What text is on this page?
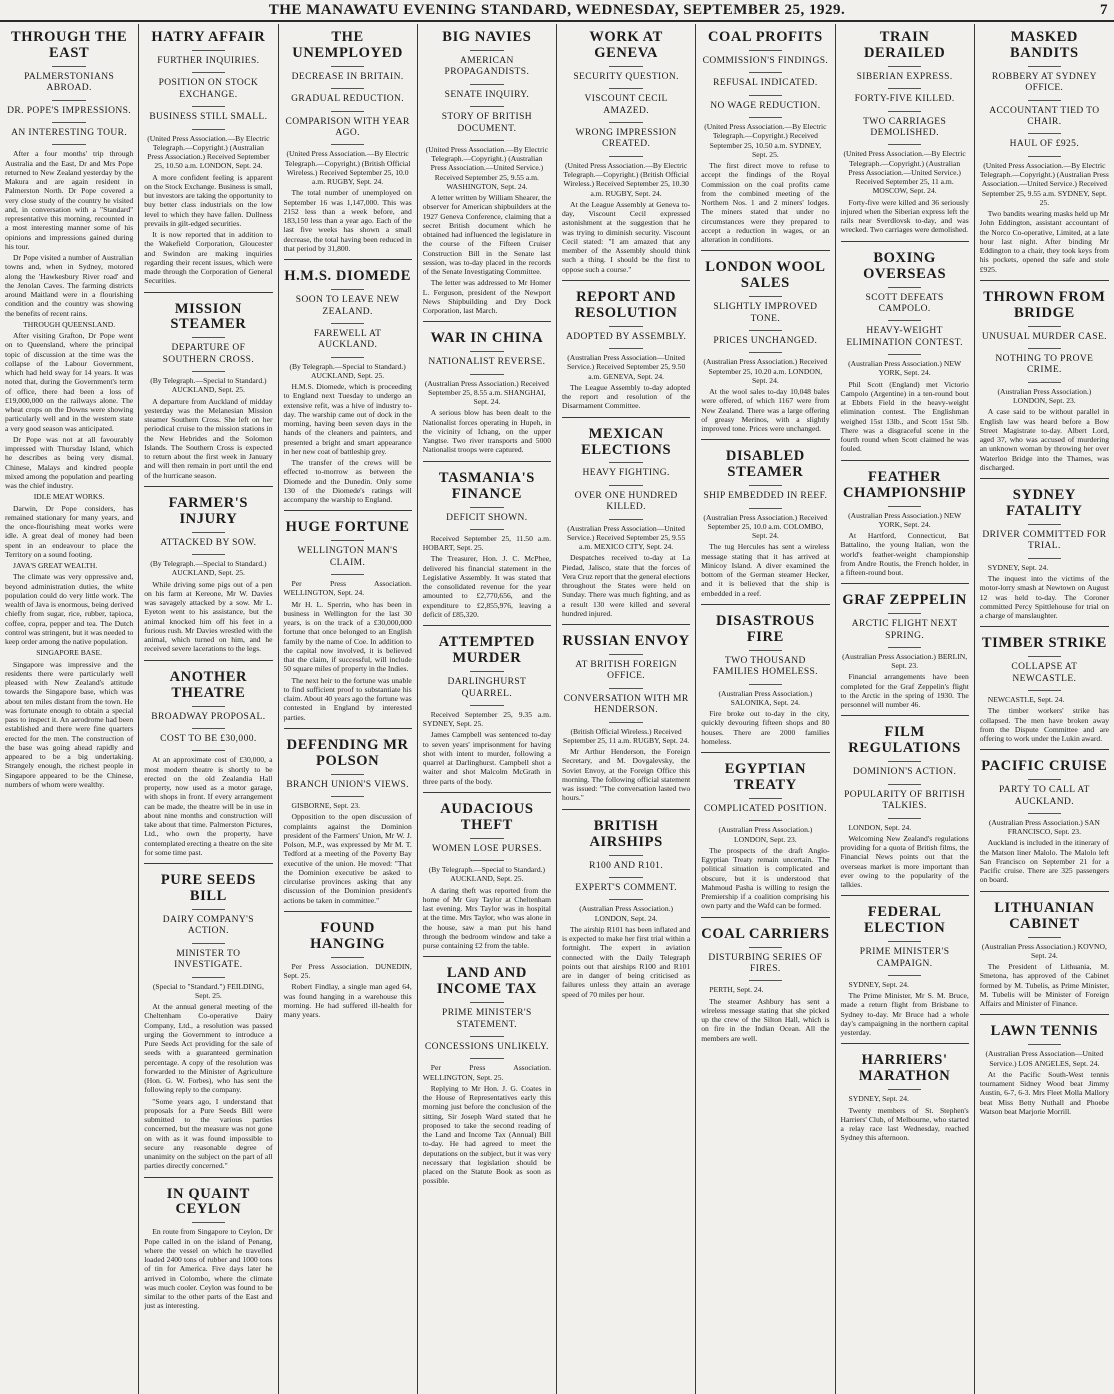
THE MANAWATU EVENING STANDARD, WEDNESDAY, SEPTEMBER 25, 1929.	7
THROUGH THE EAST
PALMERSTONIANS ABROAD.
DR. POPE'S IMPRESSIONS.
AN INTERESTING TOUR.

After a four months' trip through Australia and the East, Dr and Mrs Pope returned to New Zealand yesterday by the Makura and are again resident in Palmerston North. Dr Pope covered a very close study of the country he visited and, in conversation with a "Standard" representative this morning, recounted in a most interesting manner some of his opinions and impressions gained during his tour.

Dr Pope visited a number of Australian towns and, when in Sydney, motored along the 'Hawkesbury River road' and the Jenolan Caves. The farming districts around Maitland were in a flourishing condition and the country was showing the benefits of recent rains.

THROUGH QUEENSLAND.

After visiting Grafton, Dr Pope went on to Queensland, where the principal topic of discussion at the time was the collapse of the Labour Government, which had held sway for 14 years. It was noted that, during the Government's term of office, there had been a loss of £19,000,000 on the railways alone. The wheat crops on the Downs were showing particularly well and in the western state a very good season was anticipated.

Dr Pope was not at all favourably impressed with Thursday Island, which he describes as being very dismal. Chinese, Malays and kindred people mixed among the population and pearling was the chief industry.

IDLE MEAT WORKS.

Darwin, Dr Pope considers, has remained stationary for many years, and the once-flourishing meat works were idle. A great deal of money had been spent in an endeavour to place the Territory on a sound footing.

JAVA'S GREAT WEALTH.

The climate was very oppressive and, beyond administration duties, the white population could do very little work. The wealth of Java is enormous, being derived chiefly from sugar, rice, rubber, tapioca, coffee, copra, pepper and tea. The Dutch control was stringent, but it was needed to keep order among the native population.

SINGAPORE BASE.

Singapore was impressive and the residents there were particularly well pleased with New Zealand's attitude towards the Singapore base, which was about ten miles distant from the town. He was fortunate enough to obtain a special pass to inspect it. An aerodrome had been established and there were fine quarters erected for the men. The construction of the base was going ahead rapidly and appeared to be a big undertaking. Strangely enough, the richest people in Singapore appeared to be the Chinese, numbers of whom were wealthy.

HATRY AFFAIR
FURTHER INQUIRIES.
POSITION ON STOCK EXCHANGE.
BUSINESS STILL SMALL.

(United Press Association.—By Electric Telegraph.—Copyright.) (Australian Press Association.) Received September 25, 10.50 a.m. LONDON, Sept. 24.

A more confident feeling is apparent on the Stock Exchange. Business is small, but investors are taking the opportunity to buy better class industrials on the low level to which they have fallen. Dullness prevails in gilt-edged securities.

It is now reported that in addition to the Wakefield Corporation, Gloucester and Swindon are making inquiries regarding their recent issues, which were made through the Corporation of General Securities.

MISSION STEAMER
DEPARTURE OF SOUTHERN CROSS.

(By Telegraph.—Special to Standard.) AUCKLAND, Sept. 25.

A departure from Auckland of midday yesterday was the Melanesian Mission steamer Southern Cross. She left on her periodical cruise to the mission stations in the New Hebrides and the Solomon Islands. The Southern Cross is expected to return about the first week in January and will then remain in port until the end of the hurricane season.

FARMER'S INJURY
ATTACKED BY SOW.

(By Telegraph.—Special to Standard.) AUCKLAND, Sept. 25.

While driving some pigs out of a pen on his farm at Kereone, Mr W. Davies was savagely attacked by a sow. Mr L. Eyeton went to his assistance, but the animal knocked him off his feet in a furious rush. Mr Davies wrestled with the animal, which turned on him, and he received severe lacerations to the legs.

ANOTHER THEATRE
BROADWAY PROPOSAL.
COST TO BE £30,000.

At an approximate cost of £30,000, a most modern theatre is shortly to be erected on the old Zealandia Hall property, now used as a motor garage, with shops in front. If every arrangement can be made, the theatre will be in use in about nine months and construction will take about that time. Palmerston Pictures, Ltd., who own the property, have contemplated erecting a theatre on the site for some time past.

PURE SEEDS BILL
DAIRY COMPANY'S ACTION.
MINISTER TO INVESTIGATE.

(Special to "Standard.") FEILDING, Sept. 25.

At the annual general meeting of the Cheltenham Co-operative Dairy Company, Ltd., a resolution was passed urging the Government to introduce a Pure Seeds Act providing for the sale of seeds with a guaranteed germination percentage. A copy of the resolution was forwarded to the Minister of Agriculture (Hon. G. W. Forbes), who has sent the following reply to the company.

"Some years ago, I understand that proposals for a Pure Seeds Bill were submitted to the various parties concerned, but the measure was not gone on with as it was found impossible to secure any reasonable degree of unanimity on the subject on the part of all parties directly concerned."

IN QUAINT CEYLON

En route from Singapore to Ceylon, Dr Pope called in on the island of Penang, where the vessel on which he travelled loaded 2400 tons of rubber and 1000 tons of tin for America. Five days later he arrived in Colombo, where the climate was much cooler. Ceylon was found to be similar to the other parts of the East and just as interesting.

THE UNEMPLOYED
DECREASE IN BRITAIN.
GRADUAL REDUCTION.
COMPARISON WITH YEAR AGO.

(United Press Association.—By Electric Telegraph.—Copyright.) (British Official Wireless.) Received September 25, 10.0 a.m. RUGBY, Sept. 24.

The total number of unemployed on September 16 was 1,147,000. This was 2152 less than a week before, and 183,150 less than a year ago. Each of the last five weeks has shown a small decrease, the total having been reduced in that period by 31,800.

H.M.S. DIOMEDE
SOON TO LEAVE NEW ZEALAND.
FAREWELL AT AUCKLAND.

(By Telegraph.—Special to Standard.) AUCKLAND, Sept. 25.

H.M.S. Diomede, which is proceeding to England next Tuesday to undergo an extensive refit, was a hive of industry to-day. The warship came out of dock in the morning, having been seven days in the hands of the cleaners and painters, and presented a bright and smart appearance in her new coat of battleship grey.

The transfer of the crews will be effected to-morrow as between the Diomede and the Dunedin. Only some 130 of the Diomede's ratings will accompany the warship to England.

HUGE FORTUNE
WELLINGTON MAN'S CLAIM.

Per Press Association. WELLINGTON, Sept. 24.

Mr H. L. Sperrin, who has been in business in Wellington for the last 30 years, is on the track of a £30,000,000 fortune that once belonged to an English family by the name of Coe. In addition to the capital now involved, it is believed that the claim, if successful, will include 50 square miles of property in the Indies.

The next heir to the fortune was unable to find sufficient proof to substantiate his claim. About 40 years ago the fortune was contested in England by interested parties.

DEFENDING MR POLSON
BRANCH UNION'S VIEWS.

GISBORNE, Sept. 23.

Opposition to the open discussion of complaints against the Dominion president of the Farmers' Union, Mr W. J. Polson, M.P., was expressed by Mr M. T. Tedford at a meeting of the Poverty Bay executive of the union. He moved: "That the Dominion executive be asked to circularise provinces asking that any discussion of the Dominion president's actions be taken in committee."

FOUND HANGING

Per Press Association. DUNEDIN, Sept. 25.

Robert Findlay, a single man aged 64, was found hanging in a warehouse this morning. He had suffered ill-health for many years.

BIG NAVIES
AMERICAN PROPAGANDISTS.
SENATE INQUIRY.
STORY OF BRITISH DOCUMENT.

(United Press Association.—By Electric Telegraph.—Copyright.) (Australian Press Association.—United Service.) Received September 25, 9.55 a.m. WASHINGTON, Sept. 24.

A letter written by William Shearer, the observer for American shipbuilders at the 1927 Geneva Conference, claiming that a secret British document which he obtained had influenced the legislature in the course of the Fifteen Cruiser Construction Bill in the Senate last session, was to-day placed in the records of the Senate Investigating Committee.

The letter was addressed to Mr Homer L. Ferguson, president of the Newport News Shipbuilding and Dry Dock Corporation, last March.

WAR IN CHINA
NATIONALIST REVERSE.

(Australian Press Association.) Received September 25, 8.55 a.m. SHANGHAI, Sept. 24.

A serious blow has been dealt to the Nationalist forces operating in Hupeh, in the vicinity of Ichang, on the upper Yangtse. Two river transports and 5000 Nationalist troops were captured.

TASMANIA'S FINANCE
DEFICIT SHOWN.

Received September 25, 11.50 a.m. HOBART, Sept. 25.

The Treasurer, Hon. J. C. McPhee, delivered his financial statement in the Legislative Assembly. It was stated that the consolidated revenue for the year amounted to £2,770,656, and the expenditure to £2,855,976, leaving a deficit of £85,320.

ATTEMPTED MURDER
DARLINGHURST QUARREL.

Received September 25, 9.35 a.m. SYDNEY, Sept. 25.

James Campbell was sentenced to-day to seven years' imprisonment for having shot with intent to murder, following a quarrel at Darlinghurst. Campbell shot a waiter and shot Malcolm McGrath in three parts of the body.

AUDACIOUS THEFT
WOMEN LOSE PURSES.

(By Telegraph.—Special to Standard.) AUCKLAND, Sept. 25.

A daring theft was reported from the home of Mr Guy Taylor at Cheltenham last evening. Mrs Taylor was in hospital at the time. Mrs Taylor, who was alone in the house, saw a man put his hand through the bedroom window and take a purse containing £2 from the table.

LAND AND INCOME TAX
PRIME MINISTER'S STATEMENT.
CONCESSIONS UNLIKELY.

Per Press Association. WELLINGTON, Sept. 25.

Replying to Mr Hon. J. G. Coates in the House of Representatives early this morning just before the conclusion of the sitting, Sir Joseph Ward stated that he proposed to take the second reading of the Land and Income Tax (Annual) Bill to-day. He had agreed to meet the deputations on the subject, but it was very necessary that legislation should be placed on the Statute Book as soon as possible.

WORK AT GENEVA
SECURITY QUESTION.
VISCOUNT CECIL AMAZED.
WRONG IMPRESSION CREATED.

(United Press Association.—By Electric Telegraph.—Copyright.) (British Official Wireless.) Received September 25, 10.30 a.m. RUGBY, Sept. 24.

At the League Assembly at Geneva to-day, Viscount Cecil expressed astonishment at the suggestion that he was trying to diminish security. Viscount Cecil stated: "I am amazed that any member of the Assembly should think such a thing. I should be the first to oppose such a course."

REPORT AND RESOLUTION
ADOPTED BY ASSEMBLY.

(Australian Press Association—United Service.) Received September 25, 9.50 a.m. GENEVA, Sept. 24.

The League Assembly to-day adopted the report and resolution of the Disarmament Committee.

MEXICAN ELECTIONS
HEAVY FIGHTING.
OVER ONE HUNDRED KILLED.

(Australian Press Association—United Service.) Received September 25, 9.55 a.m. MEXICO CITY, Sept. 24.

Despatches received to-day at La Piedad, Jalisco, state that the forces of Vera Cruz report that the general elections throughout the States were held on Sunday. There was much fighting, and as a result 130 were killed and several hundred injured.

RUSSIAN ENVOY
AT BRITISH FOREIGN OFFICE.
CONVERSATION WITH MR HENDERSON.

(British Official Wireless.) Received September 25, 11 a.m. RUGBY, Sept. 24.

Mr Arthur Henderson, the Foreign Secretary, and M. Dovgalevsky, the Soviet Envoy, at the Foreign Office this morning. The following official statement was issued: "The conversation lasted two hours."

BRITISH AIRSHIPS
R100 AND R101.
EXPERT'S COMMENT.

(Australian Press Association.) LONDON, Sept. 24.

The airship R101 has been inflated and is expected to make her first trial within a fortnight. The expert in aviation connected with the Daily Telegraph points out that airships R100 and R101 are in danger of being criticised as failures unless they attain an average speed of 70 miles per hour.

COAL PROFITS
COMMISSION'S FINDINGS.
REFUSAL INDICATED.
NO WAGE REDUCTION.

(United Press Association.—By Electric Telegraph.—Copyright.) Received September 25, 10.50 a.m. SYDNEY, Sept. 25.

The first direct move to refuse to accept the findings of the Royal Commission on the coal profits came from the combined meeting of the Northern Nos. 1 and 2 miners' lodges. The miners stated that under no circumstances were they prepared to accept a reduction in wages, or an alteration in conditions.

LONDON WOOL SALES
SLIGHTLY IMPROVED TONE.
PRICES UNCHANGED.

(Australian Press Association.) Received September 25, 10.20 a.m. LONDON, Sept. 24.

At the wool sales to-day 10,048 bales were offered, of which 1167 were from New Zealand. There was a large offering of greasy Merinos, with a slightly improved tone. Prices were unchanged.

DISABLED STEAMER
SHIP EMBEDDED IN REEF.

(Australian Press Association.) Received September 25, 10.0 a.m. COLOMBO, Sept. 24.

The tug Hercules has sent a wireless message stating that it has arrived at Minicoy Island. A diver examined the bottom of the German steamer Hecker, and it is believed that the ship is embedded in a reef.

DISASTROUS FIRE
TWO THOUSAND FAMILIES HOMELESS.

(Australian Press Association.) SALONIKA, Sept. 24.

Fire broke out to-day in the city, quickly devouring fifteen shops and 80 houses. There are 2000 families homeless.

EGYPTIAN TREATY
COMPLICATED POSITION.

(Australian Press Association.) LONDON, Sept. 23.

The prospects of the draft Anglo-Egyptian Treaty remain uncertain. The political situation is complicated and obscure, but it is understood that Mahmoud Pasha is willing to resign the Premiership if a coalition comprising his own party and the Wafd can be formed.

COAL CARRIERS
DISTURBING SERIES OF FIRES.

PERTH, Sept. 24.

The steamer Ashbury has sent a wireless message stating that she picked up the crew of the Silton Hall, which is on fire in the Indian Ocean. All the members are well.

TRAIN DERAILED
SIBERIAN EXPRESS.
FORTY-FIVE KILLED.
TWO CARRIAGES DEMOLISHED.

(United Press Association.—By Electric Telegraph.—Copyright.) (Australian Press Association.—United Service.) Received September 25, 11 a.m. MOSCOW, Sept. 24.

Forty-five were killed and 36 seriously injured when the Siberian express left the rails near Sverdlovsk to-day, and was wrecked. Two carriages were demolished.

BOXING OVERSEAS
SCOTT DEFEATS CAMPOLO.
HEAVY-WEIGHT ELIMINATION CONTEST.

(Australian Press Association.) NEW YORK, Sept. 24.

Phil Scott (England) met Victorio Campolo (Argentine) in a ten-round bout at Ebbets Field in the heavy-weight elimination contest. The Englishman weighed 15st 13lb., and Scott 15st 5lb. There was a disgraceful scene in the fourth round when Scott claimed he was fouled.

FEATHER CHAMPIONSHIP

(Australian Press Association.) NEW YORK, Sept. 24.

At Hartford, Connecticut, Bat Battalino, the young Italian, won the world's feather-weight championship from Andre Routis, the French holder, in a fifteen-round bout.

GRAF ZEPPELIN
ARCTIC FLIGHT NEXT SPRING.

(Australian Press Association.) BERLIN, Sept. 23.

Financial arrangements have been completed for the Graf Zeppelin's flight to the Arctic in the spring of 1930. The personnel will number 46.

FILM REGULATIONS
DOMINION'S ACTION.
POPULARITY OF BRITISH TALKIES.

LONDON, Sept. 24.

Welcoming New Zealand's regulations providing for a quota of British films, the Financial News points out that the overseas market is more important than ever owing to the popularity of the talkies.

FEDERAL ELECTION
PRIME MINISTER'S CAMPAIGN.

SYDNEY, Sept. 24.

The Prime Minister, Mr S. M. Bruce, made a return flight from Brisbane to Sydney to-day. Mr Bruce had a whole day's campaigning in the northern capital yesterday.

HARRIERS' MARATHON

SYDNEY, Sept. 24.

Twenty members of St. Stephen's Harriers' Club, of Melbourne, who started a relay race last Wednesday, reached Sydney this afternoon.

MASKED BANDITS
ROBBERY AT SYDNEY OFFICE.
ACCOUNTANT TIED TO CHAIR.
HAUL OF £925.

(United Press Association.—By Electric Telegraph.—Copyright.) (Australian Press Association.—United Service.) Received September 25, 9.55 a.m. SYDNEY, Sept. 25.

Two bandits wearing masks held up Mr John Eddington, assistant accountant of the Norco Co-operative, Limited, at a late hour last night. After binding Mr Eddington to a chair, they took keys from his pockets, opened the safe and stole £925.

THROWN FROM BRIDGE
UNUSUAL MURDER CASE.
NOTHING TO PROVE CRIME.

(Australian Press Association.) LONDON, Sept. 23.

A case said to be without parallel in English law was heard before a Bow Street Magistrate to-day. Albert Lord, aged 37, who was accused of murdering an unknown woman by throwing her over Waterloo Bridge into the Thames, was discharged.

SYDNEY FATALITY
DRIVER COMMITTED FOR TRIAL.

SYDNEY, Sept. 24.

The inquest into the victims of the motor-lorry smash at Newtown on August 12 was held to-day. The Coroner committed Percy Spittlehouse for trial on a charge of manslaughter.

TIMBER STRIKE
COLLAPSE AT NEWCASTLE.

NEWCASTLE, Sept. 24.

The timber workers' strike has collapsed. The men have broken away from the Dispute Committee and are offering to work under the Lukin award.

PACIFIC CRUISE
PARTY TO CALL AT AUCKLAND.

(Australian Press Association.) SAN FRANCISCO, Sept. 23.

Auckland is included in the itinerary of the Matson liner Malolo. The Malolo left San Francisco on September 21 for a Pacific cruise. There are 325 passengers on board.

LITHUANIAN CABINET

(Australian Press Association.) KOVNO, Sept. 24.

The President of Lithuania, M. Smetona, has approved of the Cabinet formed by M. Tubelis, as Prime Minister, M. Tubelis will be Minister of Foreign Affairs and Minister of Finance.

LAWN TENNIS

(Australian Press Association—United Service.) LOS ANGELES, Sept. 24.

At the Pacific South-West tennis tournament Sidney Wood beat Jimmy Austin, 6-7, 6-3. Mrs Fleet Molla Mallory beat Miss Betty Nuthall and Phoebe Watson beat Marjorie Morrill.
